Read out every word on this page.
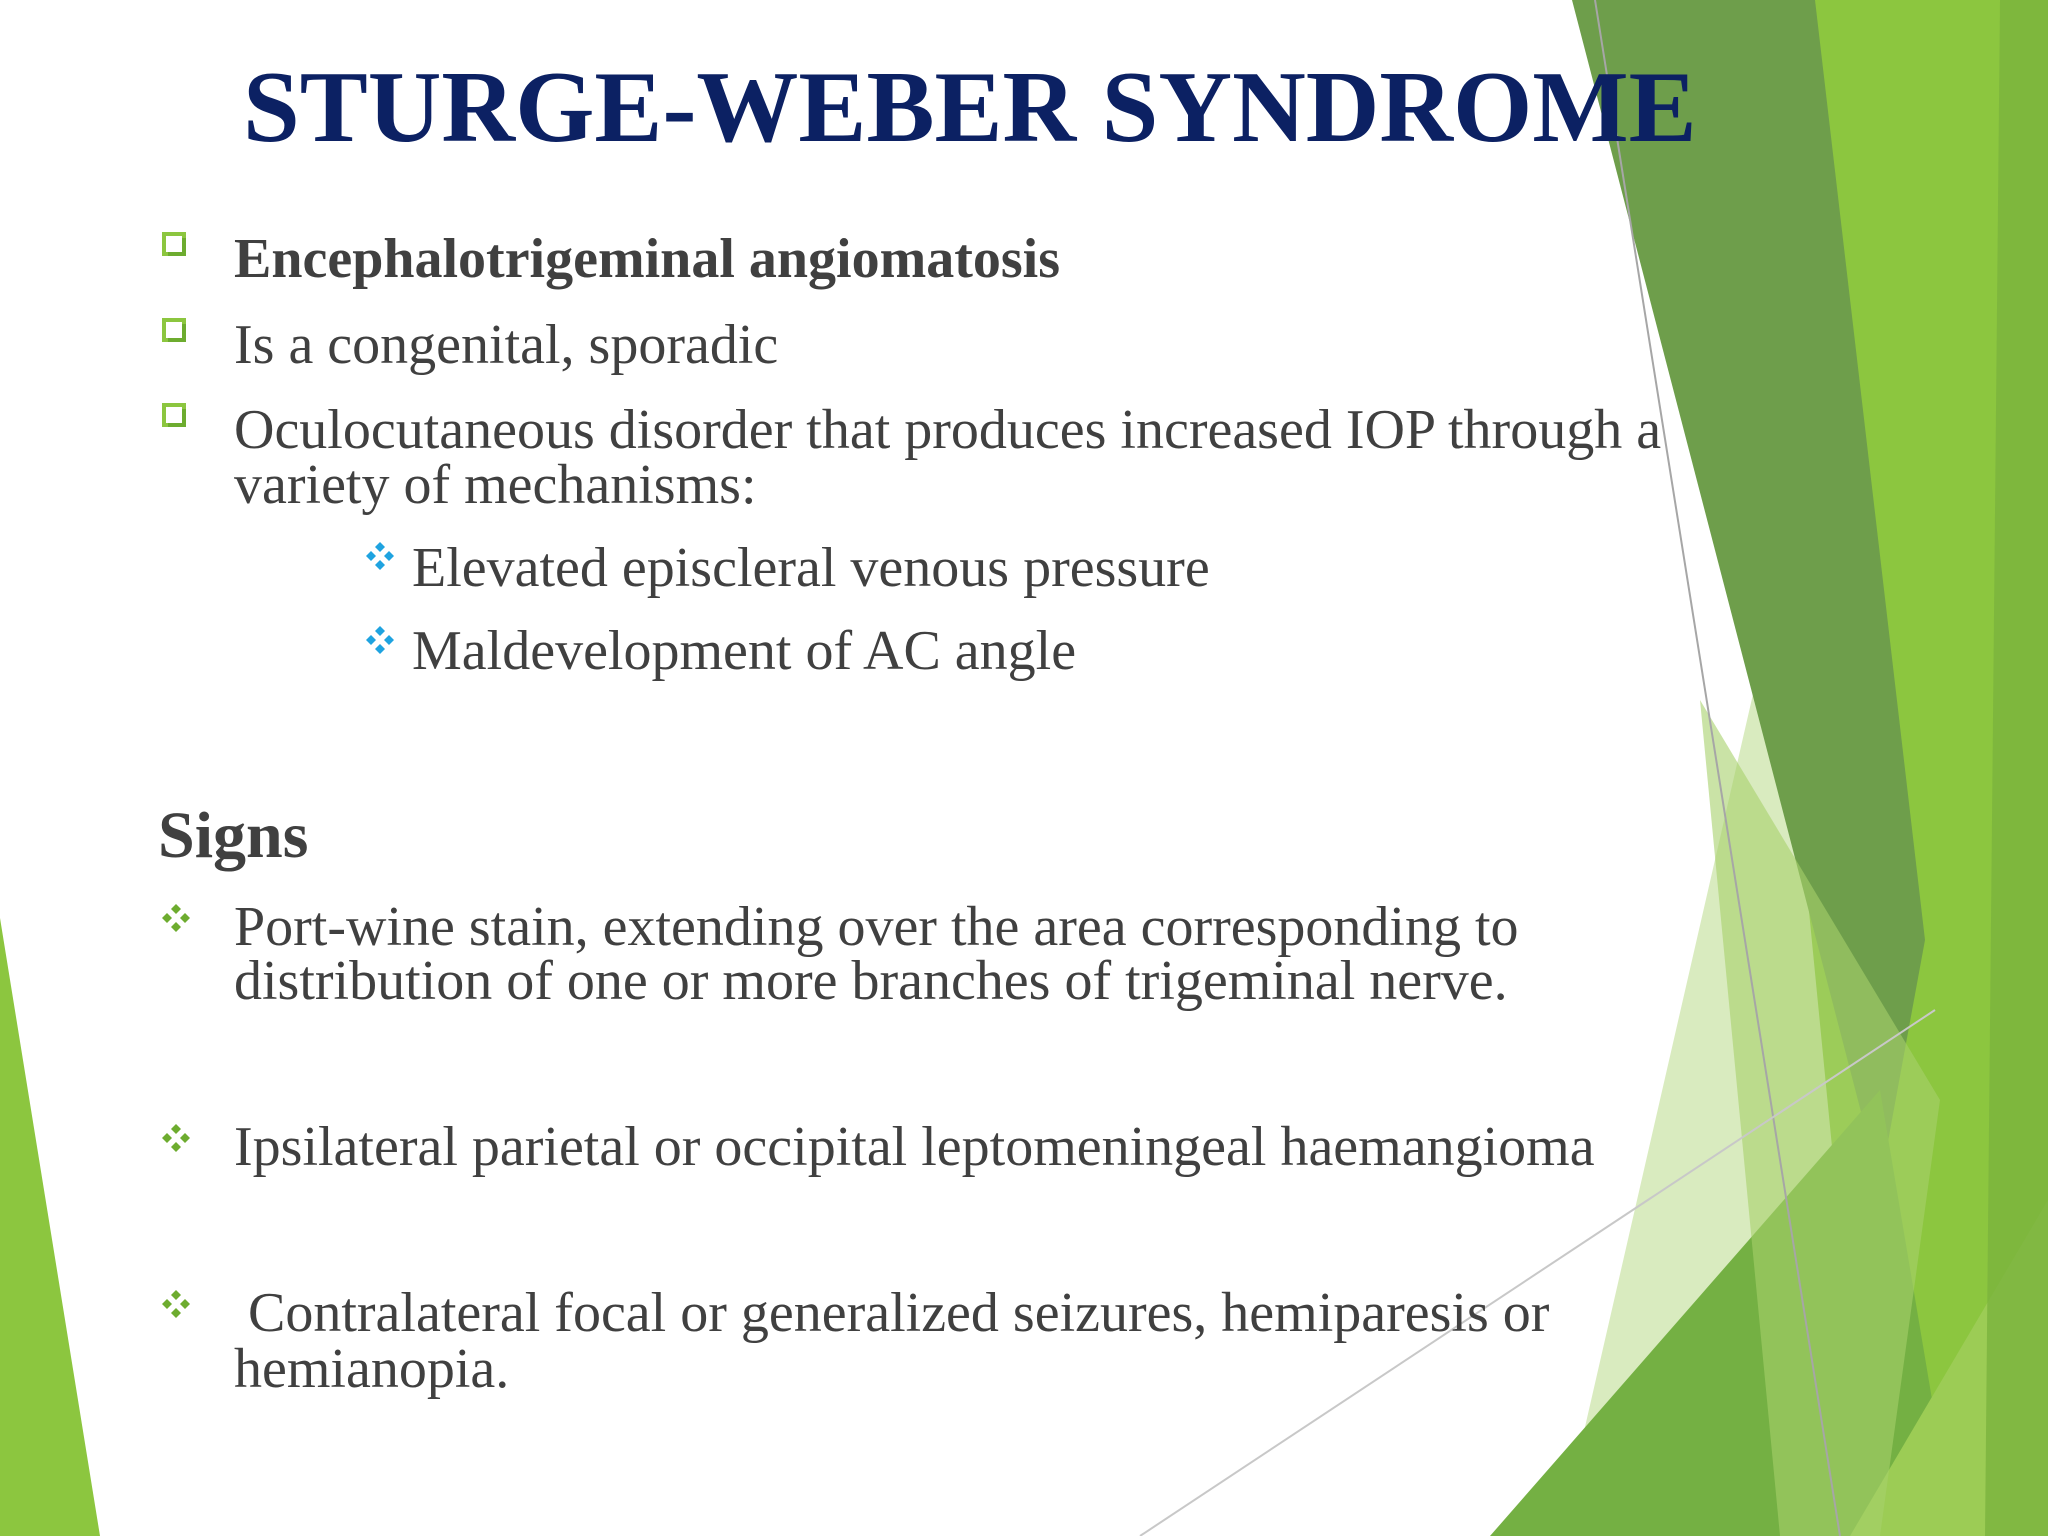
STURGE-WEBER SYNDROME
Encephalotrigeminal angiomatosis
Is a congenital, sporadic
Oculocutaneous disorder that produces increased IOP through a
variety of mechanisms:
Elevated episcleral venous pressure
Maldevelopment of AC angle
Signs
Port-wine stain, extending over the area corresponding to
distribution of one or more branches of trigeminal nerve.
Ipsilateral parietal or occipital leptomeningeal haemangioma
Contralateral focal or generalized seizures, hemiparesis or
hemianopia.
